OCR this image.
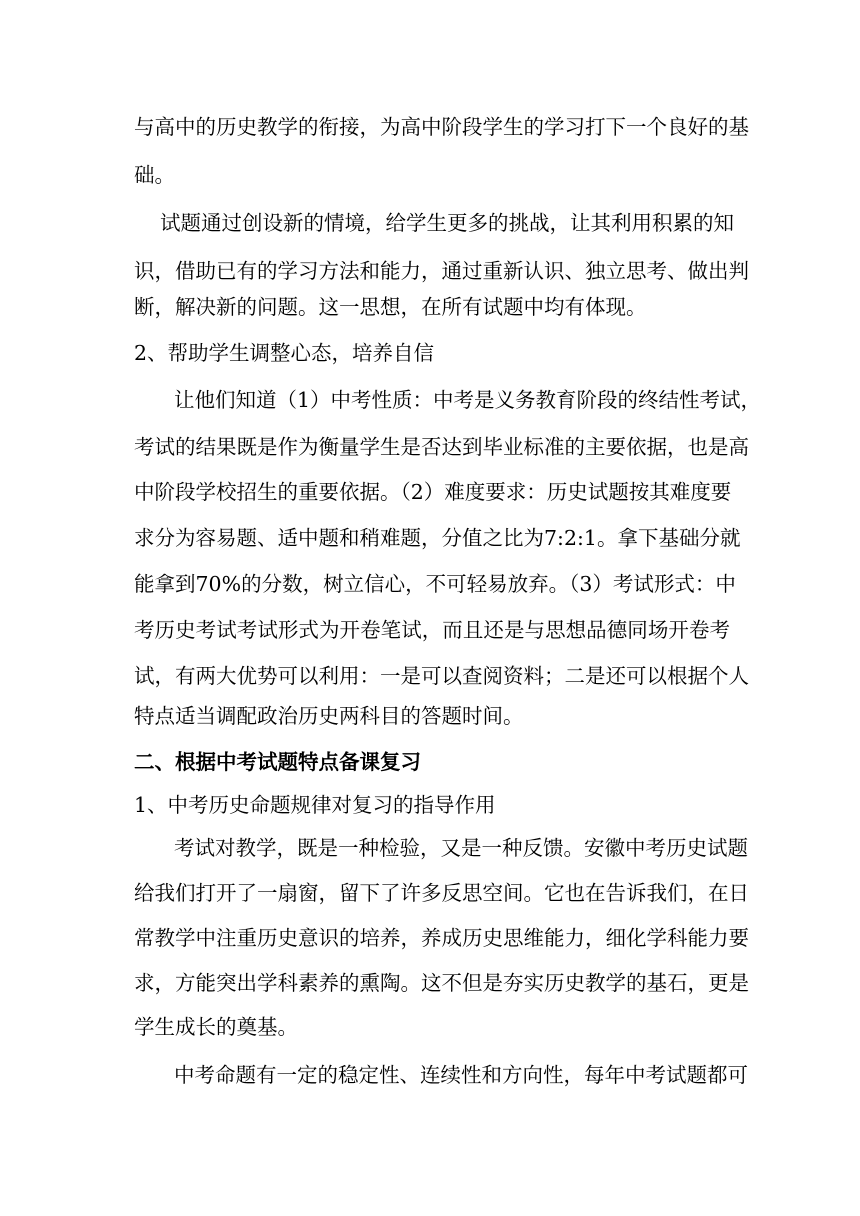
与高中的历史教学的衔接，为高中阶段学生的学习打下一个良好的基
础。
试题通过创设新的情境，给学生更多的挑战，让其利用积累的知
识，借助已有的学习方法和能力，通过重新认识、独立思考、做出判
断，解决新的问题。这一思想，在所有试题中均有体现。
2、帮助学生调整心态，培养自信
让他们知道（1）中考性质：中考是义务教育阶段的终结性考试，
考试的结果既是作为衡量学生是否达到毕业标准的主要依据，也是高
中阶段学校招生的重要依据。（2）难度要求：历史试题按其难度要
求分为容易题、适中题和稍难题，分值之比为7:2:1。拿下基础分就
能拿到70%的分数，树立信心，不可轻易放弃。（3）考试形式：中
考历史考试考试形式为开卷笔试，而且还是与思想品德同场开卷考
试，有两大优势可以利用：一是可以查阅资料；二是还可以根据个人
特点适当调配政治历史两科目的答题时间。
二、根据中考试题特点备课复习
1、中考历史命题规律对复习的指导作用
考试对教学，既是一种检验，又是一种反馈。安徽中考历史试题
给我们打开了一扇窗，留下了许多反思空间。它也在告诉我们，在日
常教学中注重历史意识的培养，养成历史思维能力，细化学科能力要
求，方能突出学科素养的熏陶。这不但是夯实历史教学的基石，更是
学生成长的奠基。
中考命题有一定的稳定性、连续性和方向性，每年中考试题都可
